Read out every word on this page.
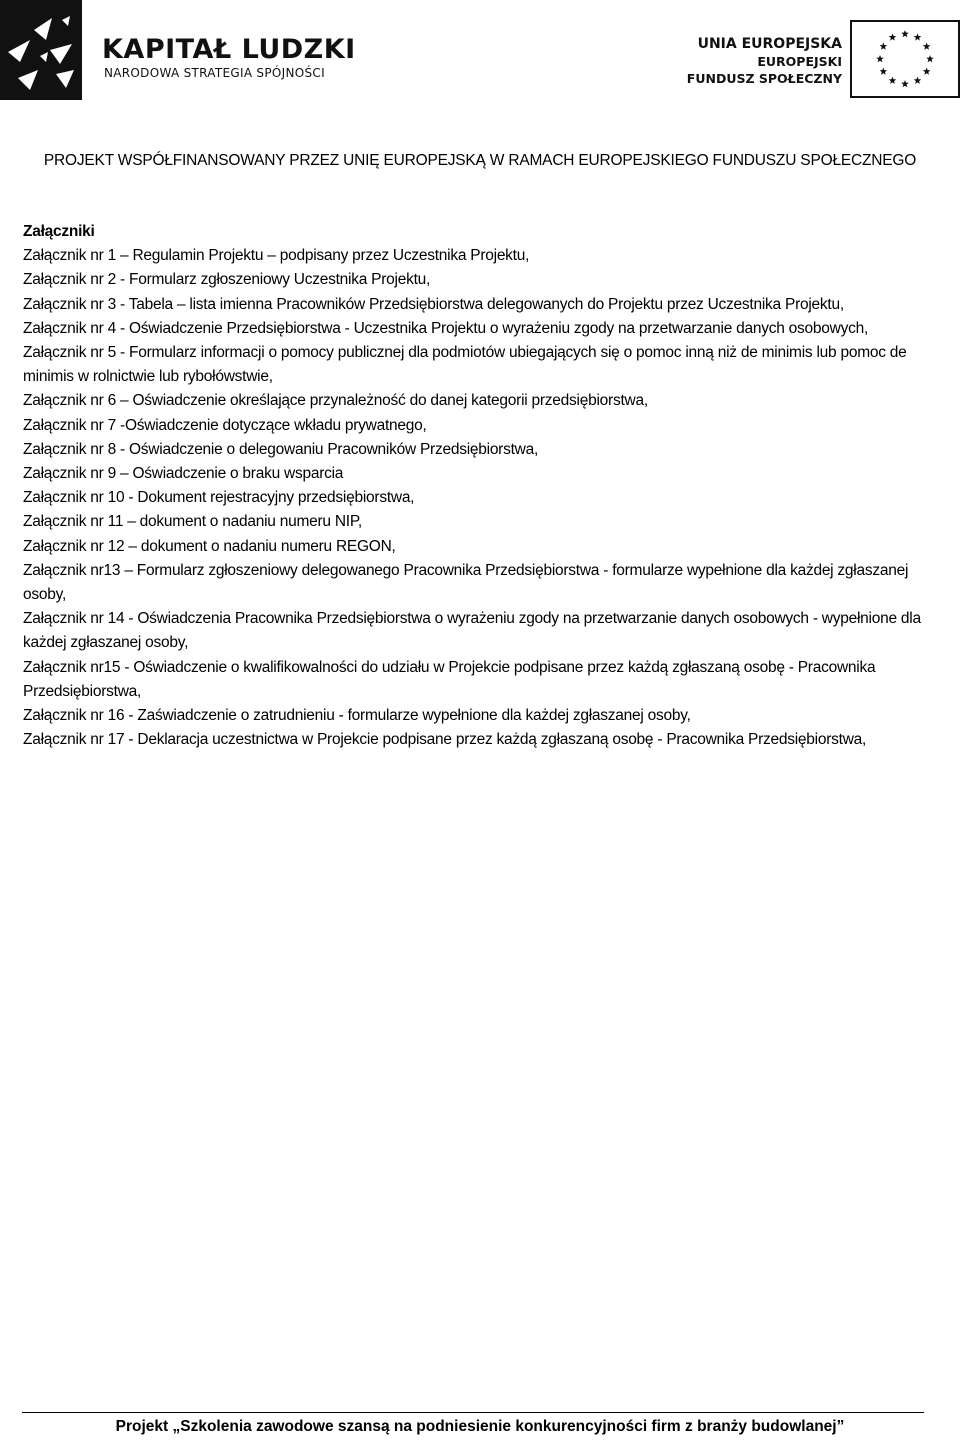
KAPITAŁ LUDZKI
NARODOWA STRATEGIA SPÓJNOŚCI
UNIA EUROPEJSKA
EUROPEJSKI
FUNDUSZ SPOŁECZNY
PROJEKT WSPÓŁFINANSOWANY PRZEZ UNIĘ EUROPEJSKĄ W RAMACH EUROPEJSKIEGO FUNDUSZU SPOŁECZNEGO
Załączniki
Załącznik nr 1 – Regulamin Projektu – podpisany przez Uczestnika Projektu,
Załącznik nr 2 - Formularz zgłoszeniowy Uczestnika Projektu,
Załącznik nr 3 - Tabela – lista imienna Pracowników Przedsiębiorstwa delegowanych do Projektu przez Uczestnika Projektu,
Załącznik nr 4 - Oświadczenie Przedsiębiorstwa - Uczestnika Projektu o wyrażeniu zgody na przetwarzanie danych osobowych,
Załącznik nr 5 - Formularz informacji o pomocy publicznej dla podmiotów ubiegających się o pomoc inną niż de minimis lub pomoc de minimis w rolnictwie lub rybołówstwie,
Załącznik nr 6 – Oświadczenie określające przynależność do danej kategorii przedsiębiorstwa,
Załącznik nr 7 -Oświadczenie dotyczące wkładu prywatnego,
Załącznik nr 8 - Oświadczenie o delegowaniu Pracowników Przedsiębiorstwa,
Załącznik nr 9 – Oświadczenie o braku wsparcia
Załącznik nr 10 - Dokument rejestracyjny przedsiębiorstwa,
Załącznik nr 11 – dokument o nadaniu numeru NIP,
Załącznik nr 12 – dokument o nadaniu numeru REGON,
Załącznik nr13 – Formularz zgłoszeniowy delegowanego Pracownika Przedsiębiorstwa - formularze wypełnione dla każdej zgłaszanej osoby,
Załącznik nr 14 - Oświadczenia Pracownika Przedsiębiorstwa o wyrażeniu zgody na przetwarzanie danych osobowych - wypełnione dla każdej zgłaszanej osoby,
Załącznik nr15 - Oświadczenie o kwalifikowalności do udziału w Projekcie podpisane przez każdą zgłaszaną osobę - Pracownika Przedsiębiorstwa,
Załącznik nr 16 - Zaświadczenie o zatrudnieniu - formularze wypełnione dla każdej zgłaszanej osoby,
Załącznik nr 17 - Deklaracja uczestnictwa w Projekcie podpisane przez każdą zgłaszaną osobę - Pracownika Przedsiębiorstwa,
Projekt „Szkolenia zawodowe szansą na podniesienie konkurencyjności firm z branży budowlanej”
